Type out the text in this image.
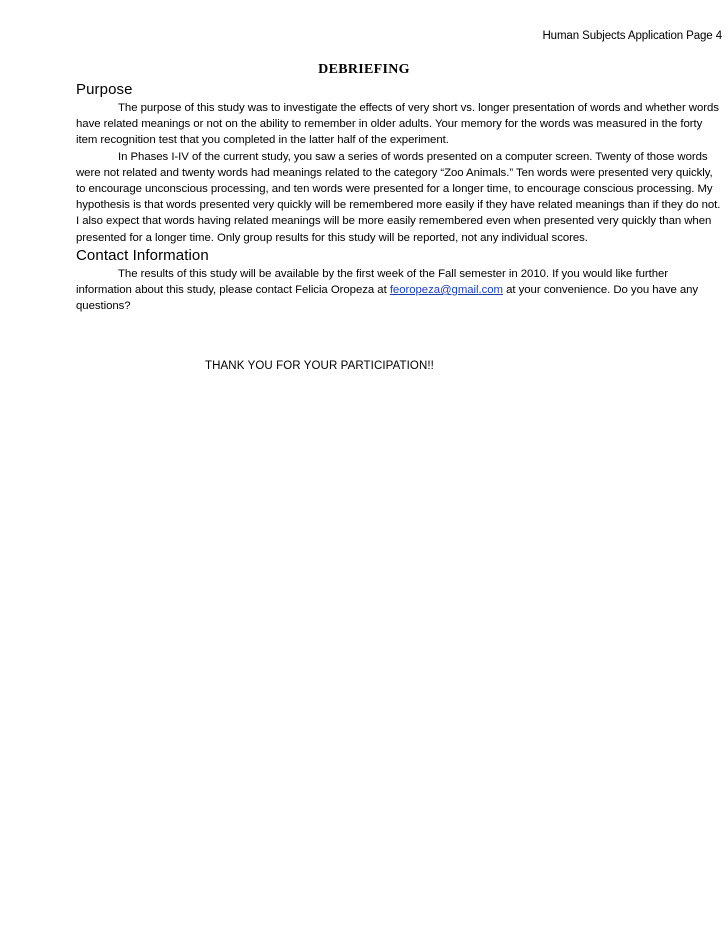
Human Subjects Application Page 4
DEBRIEFING
Purpose

The purpose of this study was to investigate the effects of very short vs. longer presentation of words and whether words have related meanings or not on the ability to remember in older adults. Your memory for the words was measured in the forty item recognition test that you completed in the latter half of the experiment.

In Phases I-IV of the current study, you saw a series of words presented on a computer screen. Twenty of those words were not related and twenty words had meanings related to the category “Zoo Animals.” Ten words were presented very quickly, to encourage unconscious processing, and ten words were presented for a longer time, to encourage conscious processing. My hypothesis is that words presented very quickly will be remembered more easily if they have related meanings than if they do not. I also expect that words having related meanings will be more easily remembered even when presented very quickly than when presented for a longer time. Only group results for this study will be reported, not any individual scores.

Contact Information

The results of this study will be available by the first week of the Fall semester in 2010. If you would like further information about this study, please contact Felicia Oropeza at feoropeza@gmail.com at your convenience. Do you have any questions?

THANK YOU FOR YOUR PARTICIPATION!!
